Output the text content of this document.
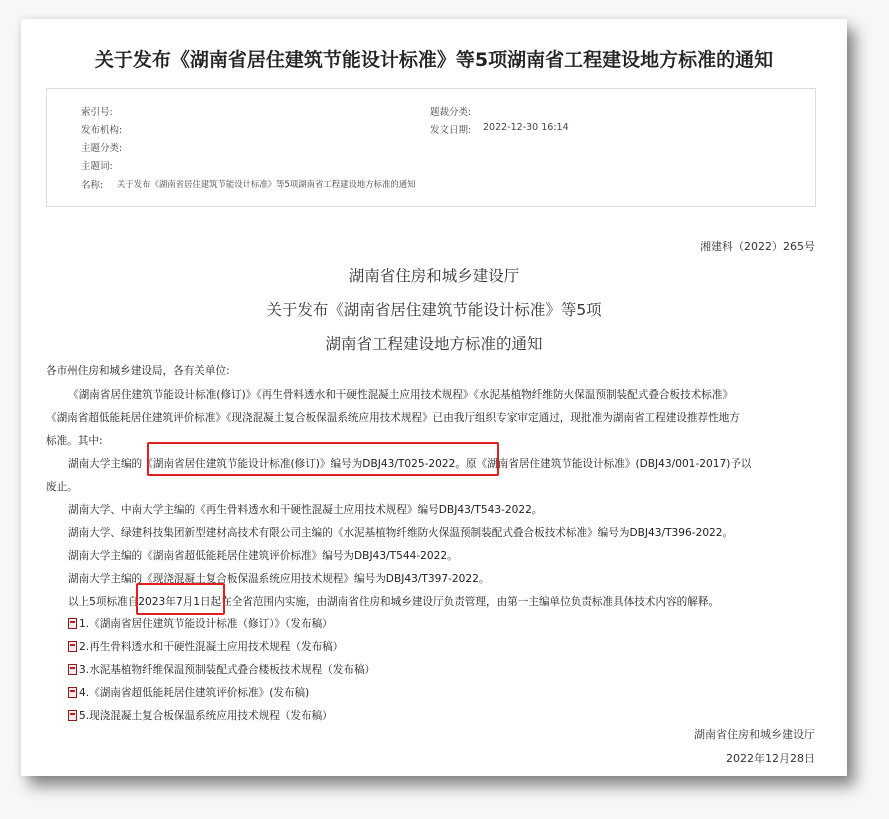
关于发布《湖南省居住建筑节能设计标准》等5项湖南省工程建设地方标准的通知
索引号:
发布机构:
主题分类:
主题词:
名称: 关于发布《湖南省居住建筑节能设计标准》等5项湖南省工程建设地方标准的通知
题裁分类:
发文日期: 2022-12-30 16:14
湘建科（2022）265号
湖南省住房和城乡建设厅
关于发布《湖南省居住建筑节能设计标准》等5项
湖南省工程建设地方标准的通知
各市州住房和城乡建设局，各有关单位:
《湖南省居住建筑节能设计标准(修订)》《再生骨料透水和干硬性混凝土应用技术规程》《水泥基植物纤维防火保温预制装配式叠合板技术标准》
《湖南省超低能耗居住建筑评价标准》《现浇混凝土复合板保温系统应用技术规程》已由我厅组织专家审定通过，现批准为湖南省工程建设推荐性地方
标准。其中:
湖南大学主编的《湖南省居住建筑节能设计标准(修订)》编号为DBJ43/T025-2022。原《湖南省居住建筑节能设计标准》(DBJ43/001-2017)予以
废止。
湖南大学、中南大学主编的《再生骨料透水和干硬性混凝土应用技术规程》编号DBJ43/T543-2022。
湖南大学、绿建科技集团新型建材高技术有限公司主编的《水泥基植物纤维防火保温预制装配式叠合板技术标准》编号为DBJ43/T396-2022。
湖南大学主编的《湖南省超低能耗居住建筑评价标准》编号为DBJ43/T544-2022。
湖南大学主编的《现浇混凝土复合板保温系统应用技术规程》编号为DBJ43/T397-2022。
以上5项标准自2023年7月1日起在全省范围内实施，由湖南省住房和城乡建设厅负责管理，由第一主编单位负责标准具体技术内容的解释。
1.《湖南省居住建筑节能设计标准（修订）》（发布稿）
2.再生骨料透水和干硬性混凝土应用技术规程（发布稿）
3.水泥基植物纤维保温预制装配式叠合楼板技术规程（发布稿）
4.《湖南省超低能耗居住建筑评价标准》(发布稿)
5.现浇混凝土复合板保温系统应用技术规程（发布稿）
湖南省住房和城乡建设厅
2022年12月28日
